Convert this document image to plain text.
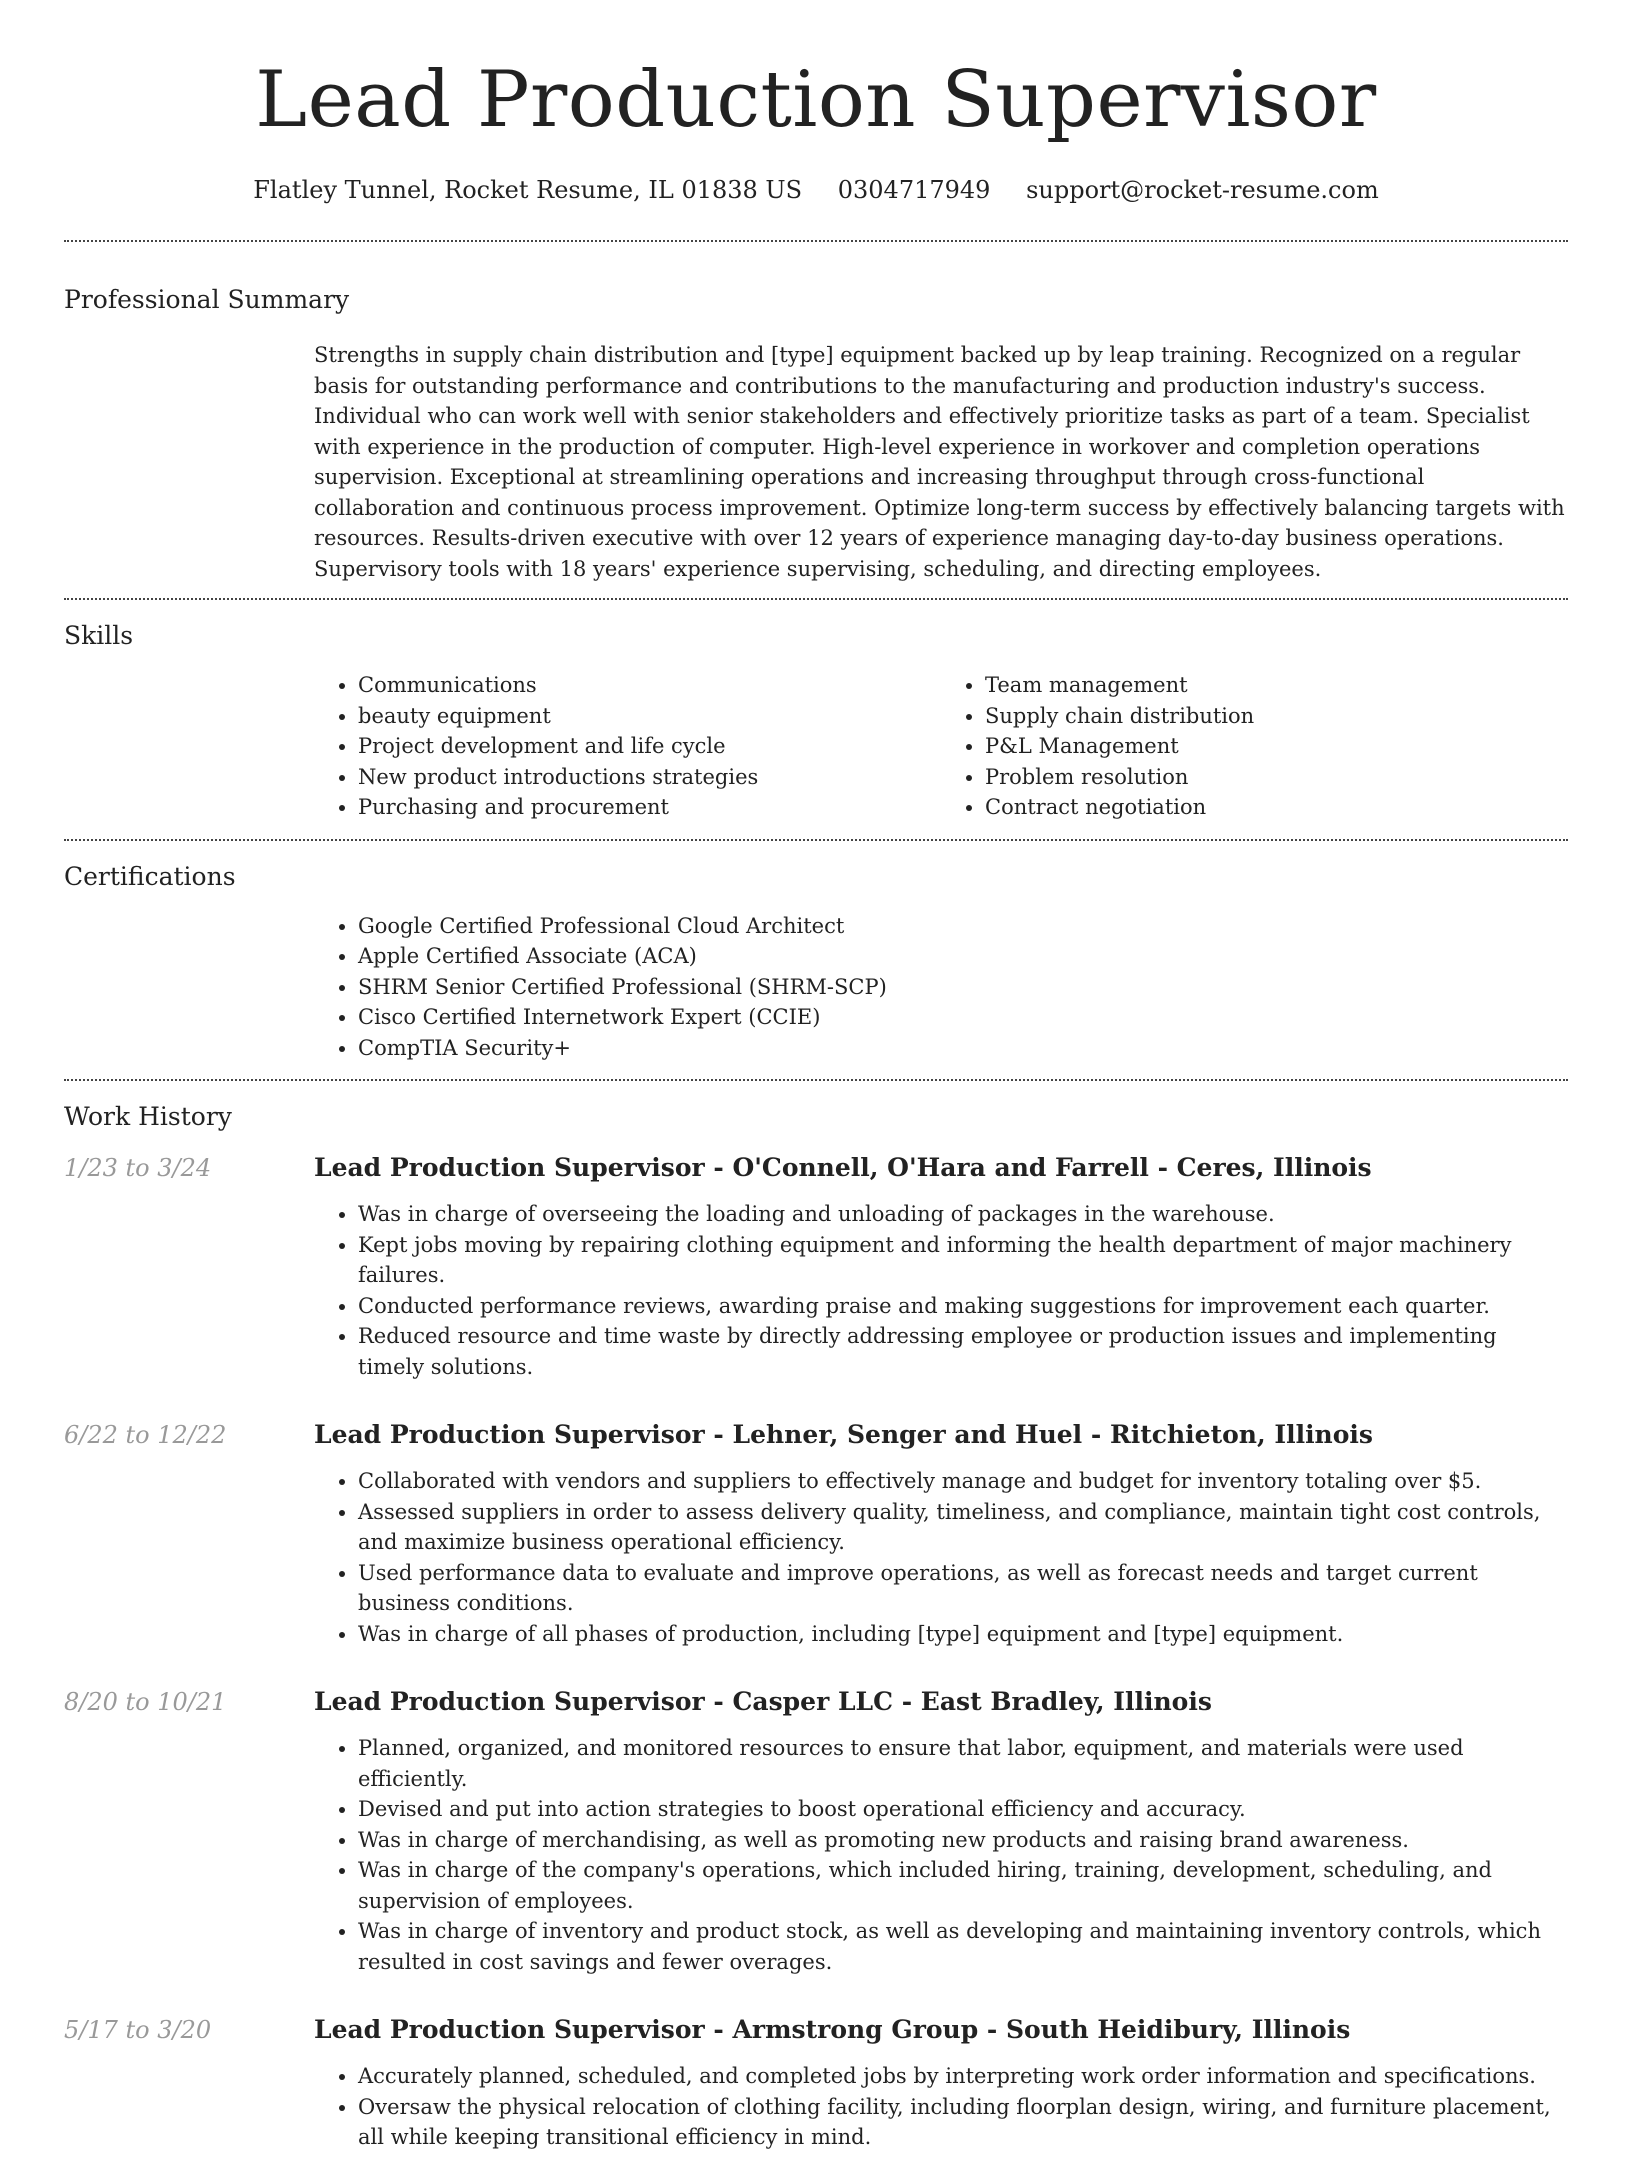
Lead Production Supervisor
Flatley Tunnel, Rocket Resume, IL 01838 US 0304717949 support@rocket-resume.com
Professional Summary

Strengths in supply chain distribution and [type] equipment backed up by leap training. Recognized on a regular basis for outstanding performance and contributions to the manufacturing and production industry's success. Individual who can work well with senior stakeholders and effectively prioritize tasks as part of a team. Specialist with experience in the production of computer. High-level experience in workover and completion operations supervision. Exceptional at streamlining operations and increasing throughput through cross-functional collaboration and continuous process improvement. Optimize long-term success by effectively balancing targets with resources. Results-driven executive with over 12 years of experience managing day-to-day business operations. Supervisory tools with 18 years' experience supervising, scheduling, and directing employees.

Skills
• Communications
• beauty equipment
• Project development and life cycle
• New product introductions strategies
• Purchasing and procurement
• Team management
• Supply chain distribution
• P&L Management
• Problem resolution
• Contract negotiation
Certifications
• Google Certified Professional Cloud Architect
• Apple Certified Associate (ACA)
• SHRM Senior Certified Professional (SHRM-SCP)
• Cisco Certified Internetwork Expert (CCIE)
• CompTIA Security+
Work History
1/23 to 3/24	Lead Production Supervisor - O'Connell, O'Hara and Farrell - Ceres, Illinois
• Was in charge of overseeing the loading and unloading of packages in the warehouse.
• Kept jobs moving by repairing clothing equipment and informing the health department of major machinery failures.
• Conducted performance reviews, awarding praise and making suggestions for improvement each quarter.
• Reduced resource and time waste by directly addressing employee or production issues and implementing timely solutions.
6/22 to 12/22	Lead Production Supervisor - Lehner, Senger and Huel - Ritchieton, Illinois
• Collaborated with vendors and suppliers to effectively manage and budget for inventory totaling over $5.
• Assessed suppliers in order to assess delivery quality, timeliness, and compliance, maintain tight cost controls, and maximize business operational efficiency.
• Used performance data to evaluate and improve operations, as well as forecast needs and target current business conditions.
• Was in charge of all phases of production, including [type] equipment and [type] equipment.
8/20 to 10/21	Lead Production Supervisor - Casper LLC - East Bradley, Illinois
• Planned, organized, and monitored resources to ensure that labor, equipment, and materials were used efficiently.
• Devised and put into action strategies to boost operational efficiency and accuracy.
• Was in charge of merchandising, as well as promoting new products and raising brand awareness.
• Was in charge of the company's operations, which included hiring, training, development, scheduling, and supervision of employees.
• Was in charge of inventory and product stock, as well as developing and maintaining inventory controls, which resulted in cost savings and fewer overages.
5/17 to 3/20	Lead Production Supervisor - Armstrong Group - South Heidibury, Illinois
• Accurately planned, scheduled, and completed jobs by interpreting work order information and specifications.
• Oversaw the physical relocation of clothing facility, including floorplan design, wiring, and furniture placement, all while keeping transitional efficiency in mind.
